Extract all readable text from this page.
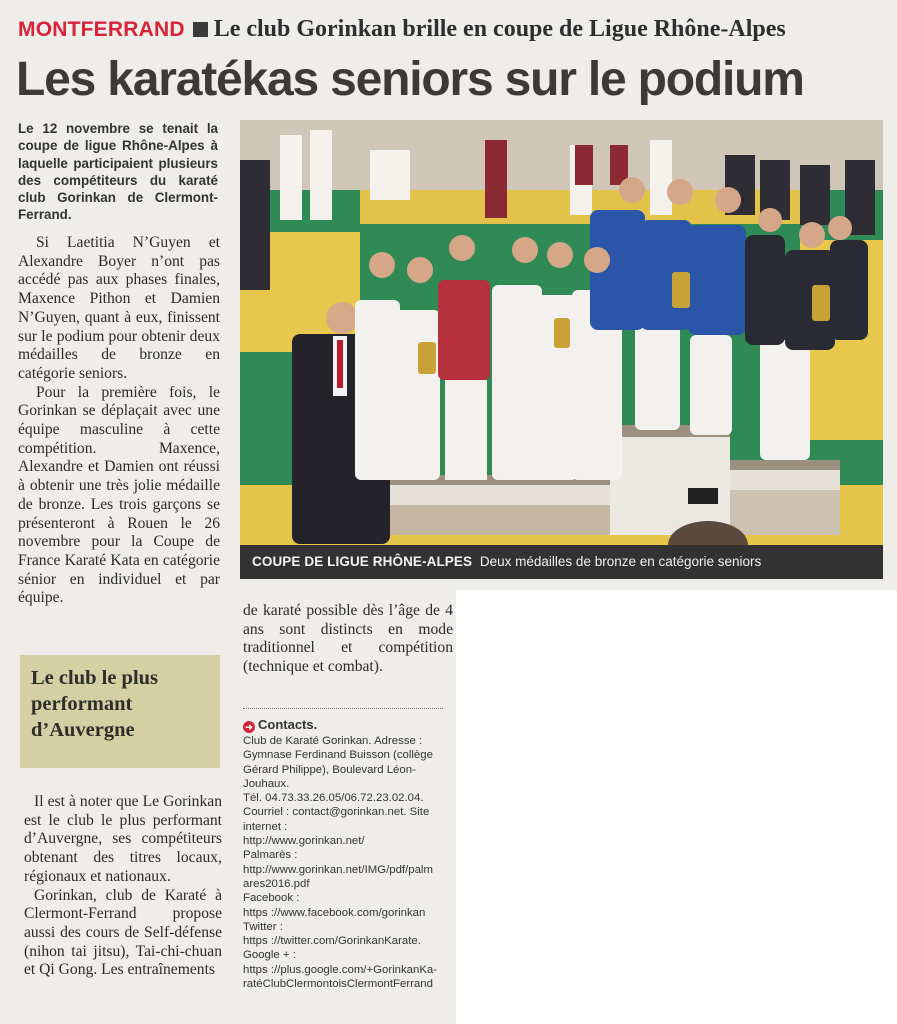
MONTFERRAND Le club Gorinkan brille en coupe de Ligue Rhône-Alpes
Les karatékas seniors sur le podium
Le 12 novembre se tenait la coupe de ligue Rhône-Alpes à laquelle participaient plusieurs des compétiteurs du karaté club Gorinkan de Clermont-Ferrand.

Si Laetitia N’Guyen et Alexandre Boyer n’ont pas accédé pas aux phases finales, Maxence Pithon et Damien N’Guyen, quant à eux, finissent sur le podium pour obtenir deux médailles de bronze en catégorie seniors.

Pour la première fois, le Gorinkan se déplaçait avec une équipe masculine à cette compétition. Maxence, Alexandre et Damien ont réussi à obtenir une très jolie médaille de bronze. Les trois garçons se présenteront à Rouen le 26 novembre pour la Coupe de France Karaté Kata en catégorie sénior en individuel et par équipe.

COUPE DE LIGUE RHÔNE-ALPES Deux médailles de bronze en catégorie seniors
Le club le plus performant d’Auvergne

Il est à noter que Le Gorinkan est le club le plus performant d’Auvergne, ses compétiteurs obtenant des titres locaux, régionaux et nationaux.

Gorinkan, club de Karaté à Clermont-Ferrand propose aussi des cours de Self-défense (nihon tai jitsu), Tai-chi-chuan et Qi Gong. Les entraînements

de karaté possible dès l’âge de 4 ans sont distincts en mode traditionnel et compétition (technique et combat).

➜ Contacts.
Club de Karaté Gorinkan. Adresse :
Gymnase Ferdinand Buisson (collège
Gérard Philippe), Boulevard Léon-
Jouhaux.
Tél. 04.73.33.26.05/06.72.23.02.04.
Courriel : contact@gorinkan.net. Site
internet :
http://www.gorinkan.net/
Palmarès :
http://www.gorinkan.net/IMG/pdf/palm
ares2016.pdf
Facebook :
https ://www.facebook.com/gorinkan
Twitter :
https ://twitter.com/GorinkanKarate.
Google + :
https ://plus.google.com/+GorinkanKa-
ratéClubClermontoisClermontFerrand
